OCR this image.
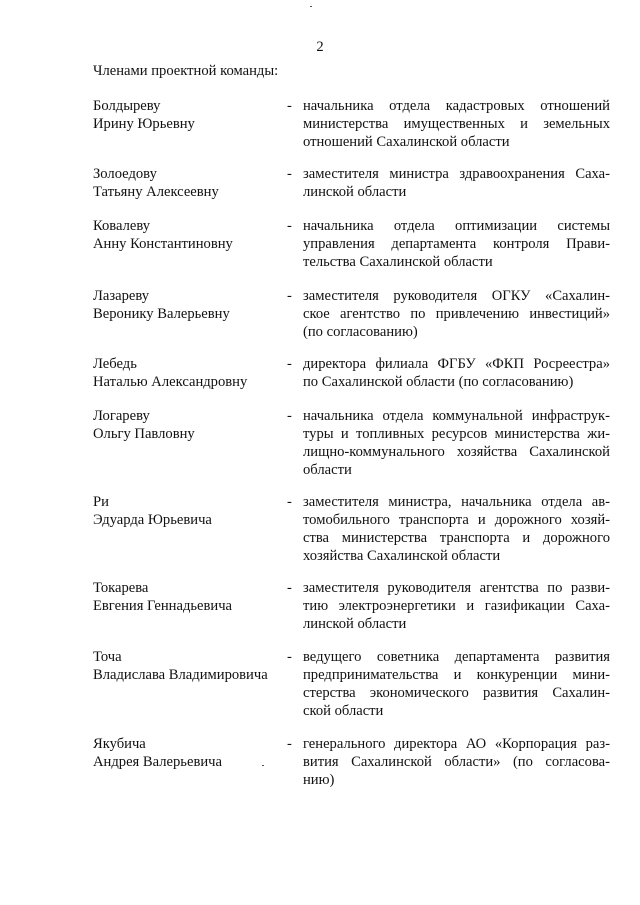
2
Членами проектной команды:
Болдыреву
Ирину Юрьевну
- начальника отдела кадастровых отношений
министерства имущественных и земельных
отношений Сахалинской области
Золоедову
Татьяну Алексеевну
- заместителя министра здравоохранения Саха-
линской области
Ковалеву
Анну Константиновну
- начальника отдела оптимизации системы
управления департамента контроля Прави-
тельства Сахалинской области
Лазареву
Веронику Валерьевну
- заместителя руководителя ОГКУ «Сахалин-
ское агентство по привлечению инвестиций»
(по согласованию)
Лебедь
Наталью Александровну
- директора филиала ФГБУ «ФКП Росреестра»
по Сахалинской области (по согласованию)
Логареву
Ольгу Павловну
- начальника отдела коммунальной инфраструк-
туры и топливных ресурсов министерства жи-
лищно-коммунального хозяйства Сахалинской
области
Ри
Эдуарда Юрьевича
- заместителя министра, начальника отдела ав-
томобильного транспорта и дорожного хозяй-
ства министерства транспорта и дорожного
хозяйства Сахалинской области
Токарева
Евгения Геннадьевича
- заместителя руководителя агентства по разви-
тию электроэнергетики и газификации Саха-
линской области
Точа
Владислава Владимировича
- ведущего советника департамента развития
предпринимательства и конкуренции мини-
стерства экономического развития Сахалин-
ской области
Якубича
Андрея Валерьевича
- генерального директора АО «Корпорация раз-
вития Сахалинской области» (по согласова-
нию)
